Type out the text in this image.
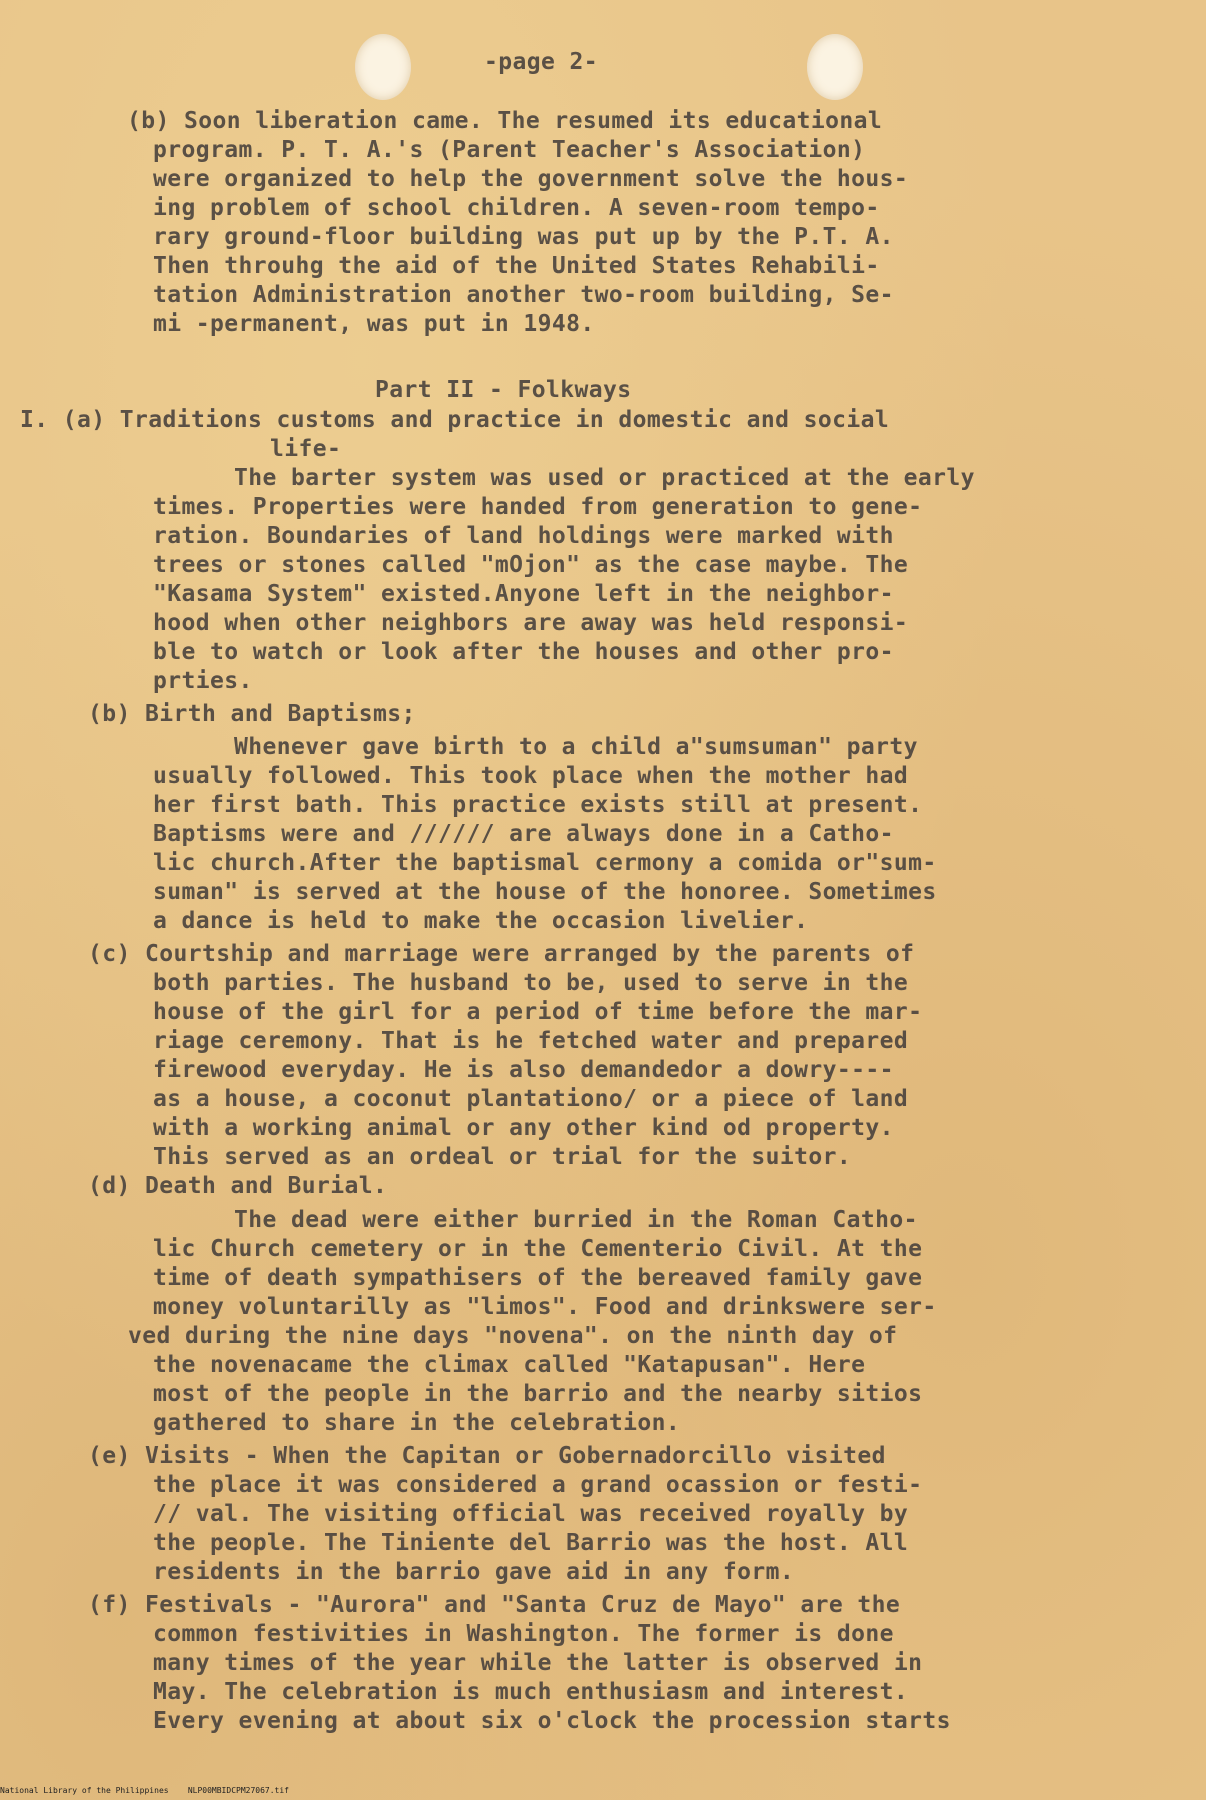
-page 2-
(b) Soon liberation came. The resumed its educational
program. P. T. A.'s (Parent Teacher's Association)
were organized to help the government solve the hous-
ing problem of school children. A seven-room tempo-
rary ground-floor building was put up by the P.T. A.
Then throuhg the aid of the United States Rehabili-
tation Administration another two-room building, Se-
mi -permanent, was put in 1948.
Part II - Folkways
I. (a) Traditions customs and practice in domestic and social
life-
The barter system was used or practiced at the early
times. Properties were handed from generation to gene-
ration. Boundaries of land holdings were marked with
trees or stones called "mOjon" as the case maybe. The
"Kasama System" existed.Anyone left in the neighbor-
hood when other neighbors are away was held responsi-
ble to watch or look after the houses and other pro-
prties.
(b) Birth and Baptisms;
Whenever gave birth to a child a"sumsuman" party
usually followed. This took place when the mother had
her first bath. This practice exists still at present.
Baptisms were and ////// are always done in a Catho-
lic church.After the baptismal cermony a comida or"sum-
suman" is served at the house of the honoree. Sometimes
a dance is held to make the occasion livelier.
(c) Courtship and marriage were arranged by the parents of
both parties. The husband to be, used to serve in the
house of the girl for a period of time before the mar-
riage ceremony. That is he fetched water and prepared
firewood everyday. He is also demandedor a dowry----
as a house, a coconut plantationo/ or a piece of land
with a working animal or any other kind od property.
This served as an ordeal or trial for the suitor.
(d) Death and Burial.
The dead were either burried in the Roman Catho-
lic Church cemetery or in the Cementerio Civil. At the
time of death sympathisers of the bereaved family gave
money voluntarilly as "limos". Food and drinkswere ser-
ved during the nine days "novena". on the ninth day of
the novenacame the climax called "Katapusan". Here
most of the people in the barrio and the nearby sitios
gathered to share in the celebration.
(e) Visits - When the Capitan or Gobernadorcillo visited
the place it was considered a grand ocassion or festi-
// val. The visiting official was received royally by
the people. The Tiniente del Barrio was the host. All
residents in the barrio gave aid in any form.
(f) Festivals - "Aurora" and "Santa Cruz de Mayo" are the
common festivities in Washington. The former is done
many times of the year while the latter is observed in
May. The celebration is much enthusiasm and interest.
Every evening at about six o'clock the procession starts
National Library of the Philippines    NLP00MBIDCPM27067.tif
